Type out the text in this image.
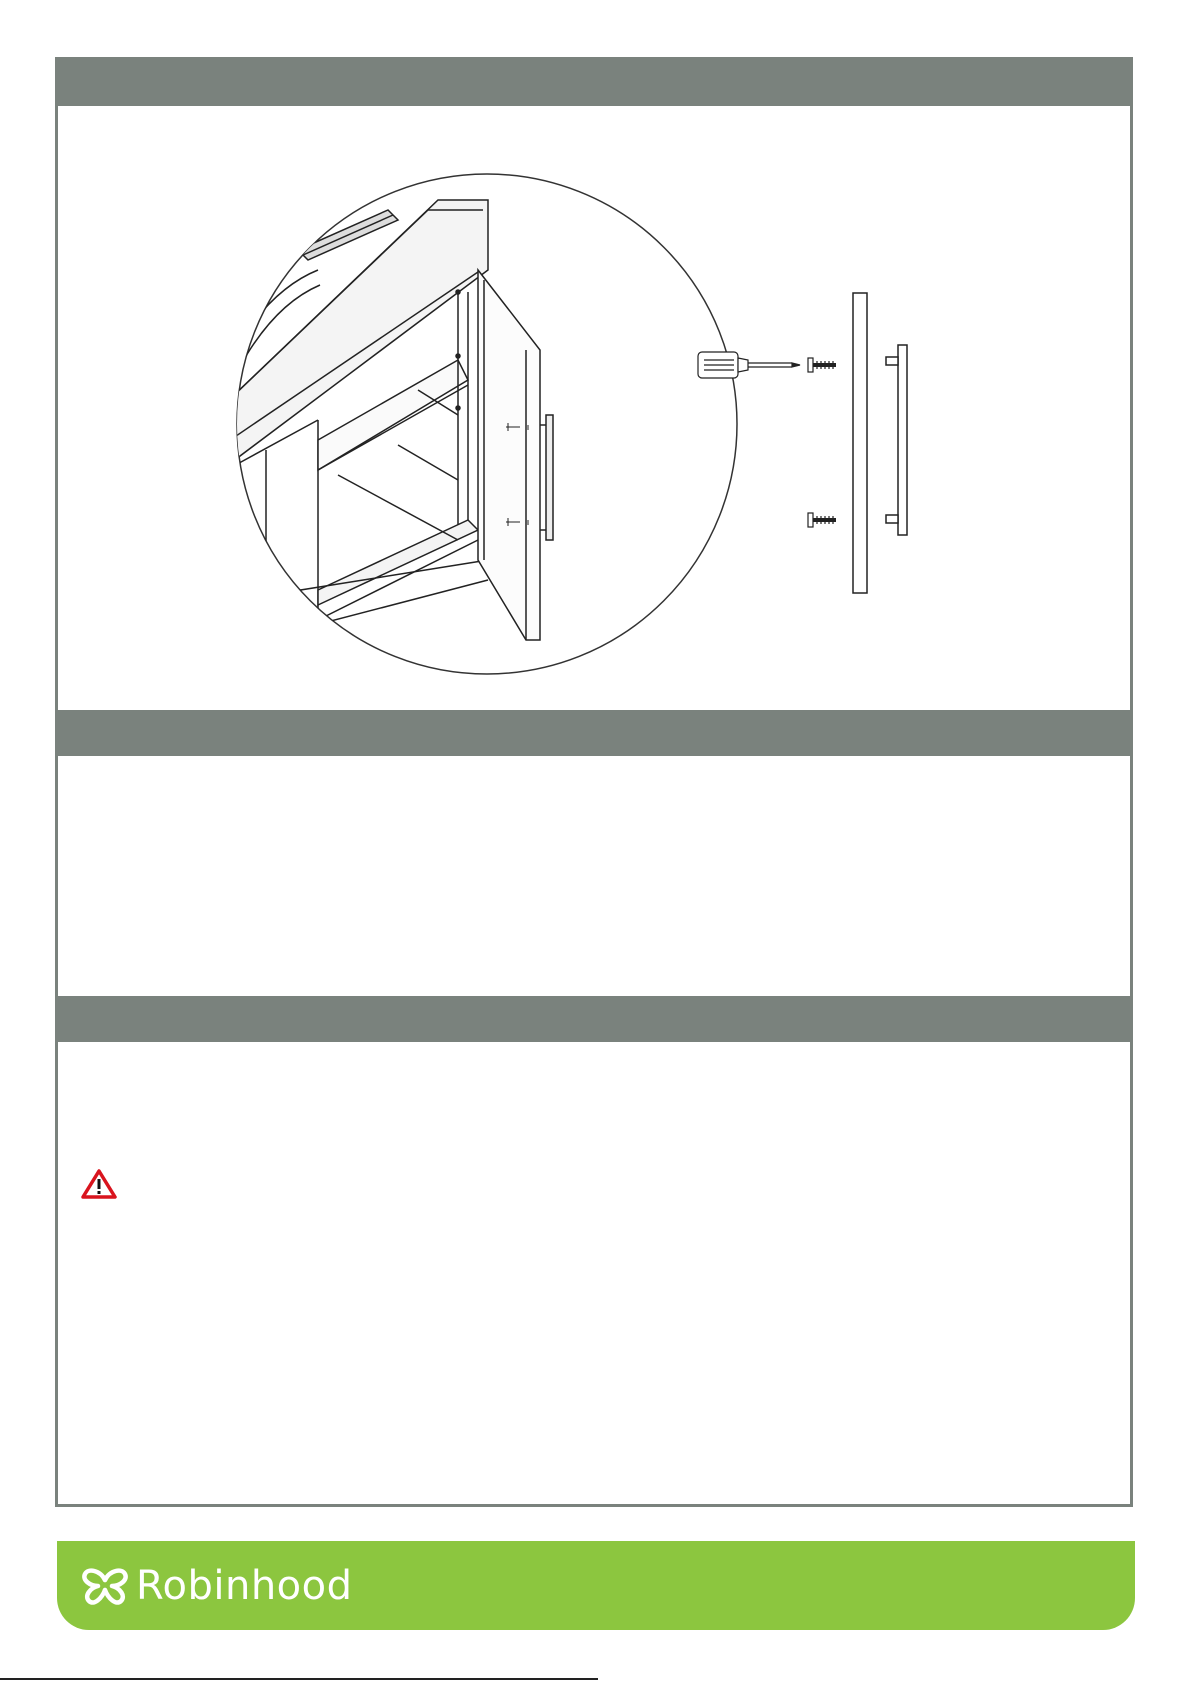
Robinhood
